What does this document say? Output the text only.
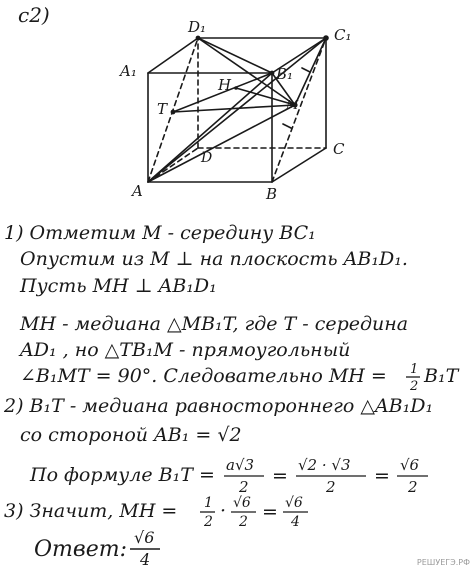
c2)	D₁	C₁
A₁	B₁
H
T	M
D	C
A	B
1) Отметим M - середину BC₁
Опустим из M ⊥ на плоскость AB₁D₁.
Пусть MH ⊥ AB₁D₁
MH - медиана △MB₁T, где T - середина
AD₁ , но △TB₁M - прямоугольный
∠B₁MT = 90°. Следовательно MH = 1
2 B₁T
2) B₁T - медиана равностороннего △AB₁D₁
со стороной AB₁ = √2
По формуле B₁T = a√3
2 = √2 · √3
2 = √6
2
3) Значит, MH = 1
2 · √6
2 = √6
4
Ответ: √6
4	РЕШУЕГЭ.РФ
